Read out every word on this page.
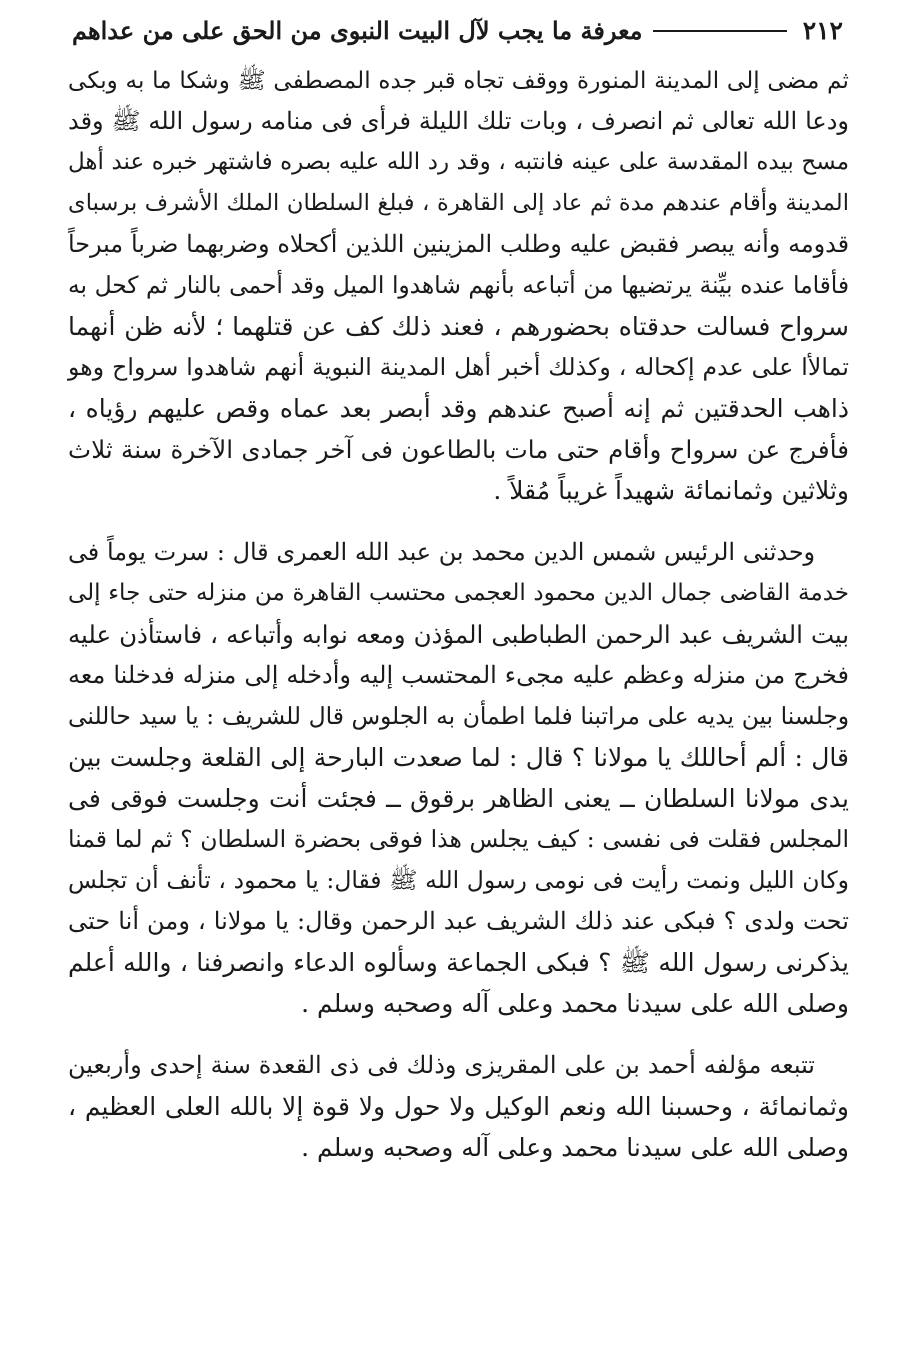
٢١٢
معرفة ما يجب لآل البيت النبوى من الحق على من عداهم
ثم مضى إلى المدينة المنورة ووقف تجاه قبر جده المصطفى ﷺ وشكا ما به وبكى
ودعا الله تعالى ثم انصرف ، وبات تلك الليلة فرأى فى منامه رسول الله ﷺ وقد
مسح بيده المقدسة على عينه فانتبه ، وقد رد الله عليه بصره فاشتهر خبره عند أهل
المدينة وأقام عندهم مدة ثم عاد إلى القاهرة ، فبلغ السلطان الملك الأشرف برسباى
قدومه وأنه يبصر فقبض عليه وطلب المزينين اللذين أكحلاه وضربهما ضرباً مبرحاً
فأقاما عنده بيِّنة يرتضيها من أتباعه بأنهم شاهدوا الميل وقد أحمى بالنار ثم كحل به
سرواح فسالت حدقتاه بحضورهم ، فعند ذلك كف عن قتلهما ؛ لأنه ظن أنهما
تمالأا على عدم إكحاله ، وكذلك أخبر أهل المدينة النبوية أنهم شاهدوا سرواح وهو
ذاهب الحدقتين ثم إنه أصبح عندهم وقد أبصر بعد عماه وقص عليهم رؤياه ،
فأفرج عن سرواح وأقام حتى مات بالطاعون فى آخر جمادى الآخرة سنة ثلاث
وثلاثين وثمانمائة شهيداً غريباً مُقلاً .
وحدثنى الرئيس شمس الدين محمد بن عبد الله العمرى قال : سرت يوماً فى
خدمة القاضى جمال الدين محمود العجمى محتسب القاهرة من منزله حتى جاء إلى
بيت الشريف عبد الرحمن الطباطبى المؤذن ومعه نوابه وأتباعه ، فاستأذن عليه
فخرج من منزله وعظم عليه مجىء المحتسب إليه وأدخله إلى منزله فدخلنا معه
وجلسنا بين يديه على مراتبنا فلما اطمأن به الجلوس قال للشريف : يا سيد حاللنى
قال : ألم أحاللك يا مولانا ؟ قال : لما صعدت البارحة إلى القلعة وجلست بين
يدى مولانا السلطان ــ يعنى الظاهر برقوق ــ فجئت أنت وجلست فوقى فى
المجلس فقلت فى نفسى : كيف يجلس هذا فوقى بحضرة السلطان ؟ ثم لما قمنا
وكان الليل ونمت رأيت فى نومى رسول الله ﷺ فقال: يا محمود ، تأنف أن تجلس
تحت ولدى ؟ فبكى عند ذلك الشريف عبد الرحمن وقال: يا مولانا ، ومن أنا حتى
يذكرنى رسول الله ﷺ ؟ فبكى الجماعة وسألوه الدعاء وانصرفنا ، والله أعلم
وصلى الله على سيدنا محمد وعلى آله وصحبه وسلم .
تتبعه مؤلفه أحمد بن على المقريزى وذلك فى ذى القعدة سنة إحدى وأربعين
وثمانمائة ، وحسبنا الله ونعم الوكيل ولا حول ولا قوة إلا بالله العلى العظيم ،
وصلى الله على سيدنا محمد وعلى آله وصحبه وسلم .
